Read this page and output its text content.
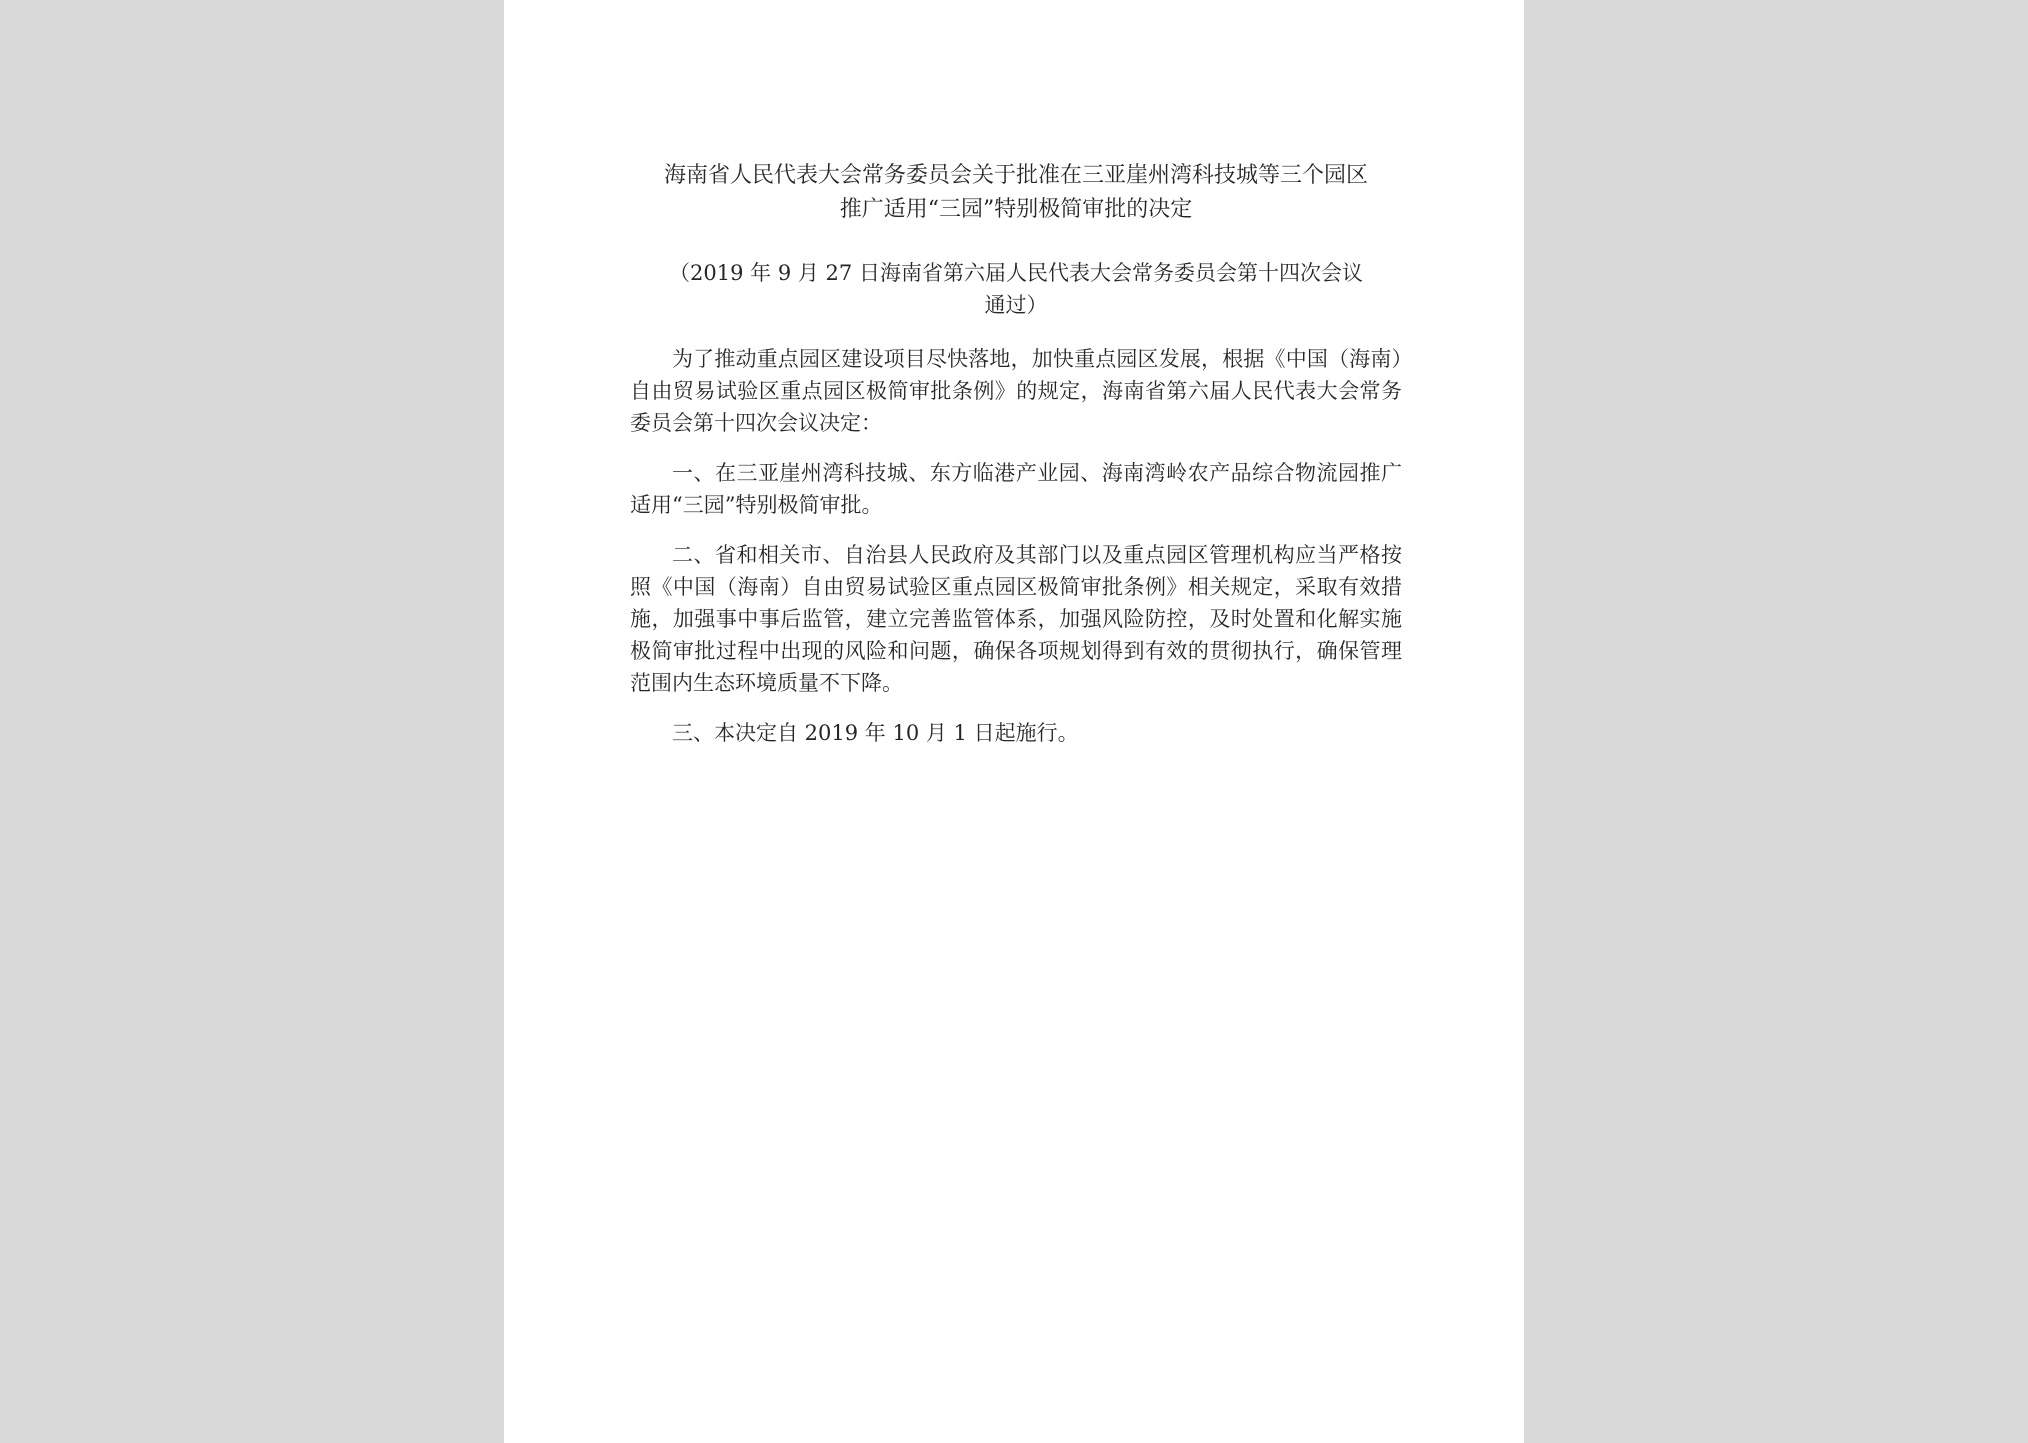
海南省人民代表大会常务委员会关于批准在三亚崖州湾科技城等三个园区
推广适用“三园”特别极简审批的决定

（2019 年 9 月 27 日海南省第六届人民代表大会常务委员会第十四次会议
通过）

为了推动重点园区建设项目尽快落地，加快重点园区发展，根据《中国（海南）自由贸易试验区重点园区极简审批条例》的规定，海南省第六届人民代表大会常务委员会第十四次会议决定：

一、在三亚崖州湾科技城、东方临港产业园、海南湾岭农产品综合物流园推广适用“三园”特别极简审批。

二、省和相关市、自治县人民政府及其部门以及重点园区管理机构应当严格按照《中国（海南）自由贸易试验区重点园区极简审批条例》相关规定，采取有效措施，加强事中事后监管，建立完善监管体系，加强风险防控，及时处置和化解实施极简审批过程中出现的风险和问题，确保各项规划得到有效的贯彻执行，确保管理范围内生态环境质量不下降。

三、本决定自 2019 年 10 月 1 日起施行。
